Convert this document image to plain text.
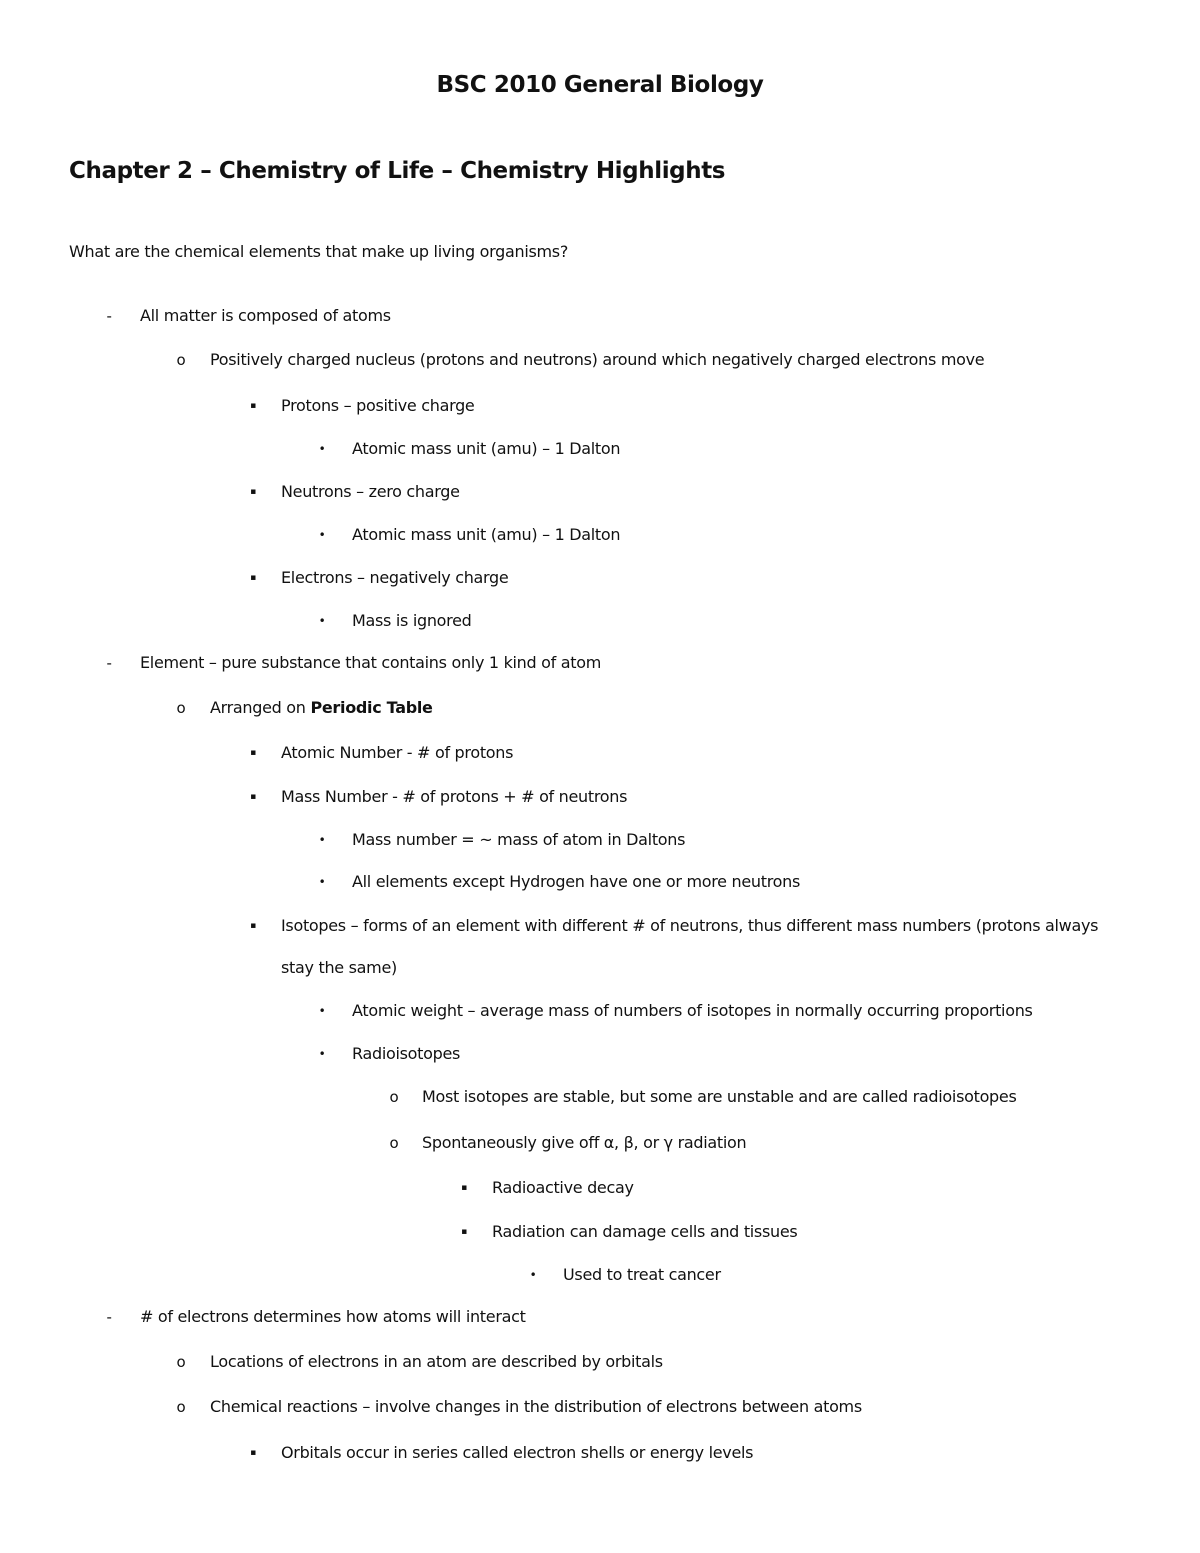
BSC 2010 General Biology
Chapter 2 – Chemistry of Life – Chemistry Highlights

What are the chemical elements that make up living organisms?

-	All matter is composed of atoms
o	Positively charged nucleus (protons and neutrons) around which negatively charged electrons move
▪	Protons – positive charge
•	Atomic mass unit (amu) – 1 Dalton
▪	Neutrons – zero charge
•	Atomic mass unit (amu) – 1 Dalton
▪	Electrons – negatively charge
•	Mass is ignored
-	Element – pure substance that contains only 1 kind of atom
o	Arranged on Periodic Table
▪	Atomic Number - # of protons
▪	Mass Number - # of protons + # of neutrons
•	Mass number = ~ mass of atom in Daltons
•	All elements except Hydrogen have one or more neutrons
▪	Isotopes – forms of an element with different # of neutrons, thus different mass numbers (protons always stay the same)
•	Atomic weight – average mass of numbers of isotopes in normally occurring proportions
•	Radioisotopes
o	Most isotopes are stable, but some are unstable and are called radioisotopes
o	Spontaneously give off α, β, or γ radiation
▪	Radioactive decay
▪	Radiation can damage cells and tissues
•	Used to treat cancer
-	# of electrons determines how atoms will interact
o	Locations of electrons in an atom are described by orbitals
o	Chemical reactions – involve changes in the distribution of electrons between atoms
▪	Orbitals occur in series called electron shells or energy levels
